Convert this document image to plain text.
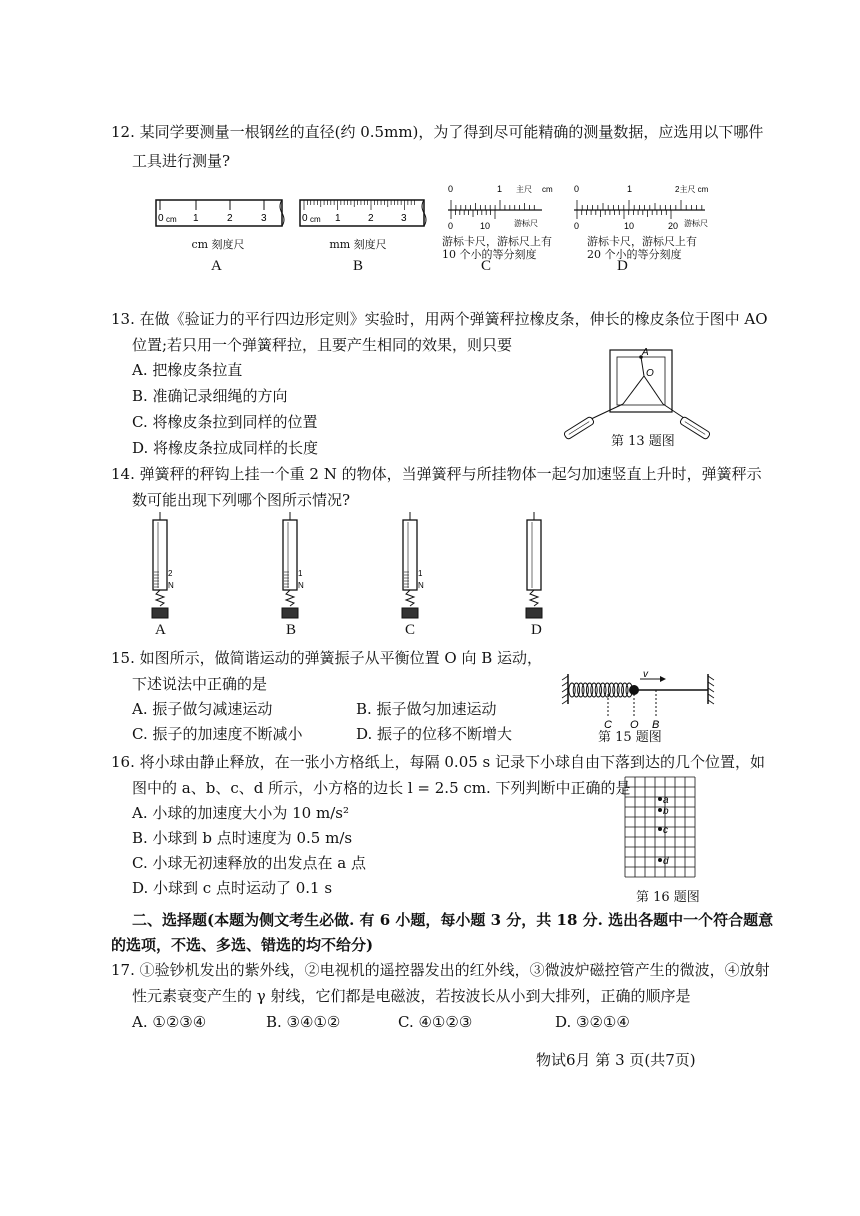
12. 某同学要测量一根钢丝的直径(约 0.5mm)，为了得到尽可能精确的测量数据，应选用以下哪件
工具进行测量?
0 cm 1	2	3	0 cm 1	2	3
0	1 主尺 cm
0	10	游标尺
0	1	2主尺 cm
0	10	20 游标尺
cm 刻度尺	mm 刻度尺	游标卡尺，游标尺上有
10 个小的等分刻度
游标卡尺，游标尺上有
20 个小的等分刻度
A	B	C	D
13. 在做《验证力的平行四边形定则》实验时，用两个弹簧秤拉橡皮条，伸长的橡皮条位于图中 AO
位置;若只用一个弹簧秤拉，且要产生相同的效果，则只要
A. 把橡皮条拉直
B. 准确记录细绳的方向
C. 将橡皮条拉到同样的位置
D. 将橡皮条拉成同样的长度
A
O
第 13 题图
14. 弹簧秤的秤钩上挂一个重 2 N 的物体，当弹簧秤与所挂物体一起匀加速竖直上升时，弹簧秤示
数可能出现下列哪个图所示情况?
2
N
1
N
1
N
A	B	C	D
15. 如图所示，做简谐运动的弹簧振子从平衡位置 O 向 B 运动，
下述说法中正确的是
A. 振子做匀减速运动	B. 振子做匀加速运动
C. 振子的加速度不断减小	D. 振子的位移不断增大
v
C O B
第 15 题图
16. 将小球由静止释放，在一张小方格纸上，每隔 0.05 s 记录下小球自由下落到达的几个位置，如
图中的 a、b、c、d 所示，小方格的边长 l = 2.5 cm. 下列判断中正确的是
A. 小球的加速度大小为 10 m/s²
B. 小球到 b 点时速度为 0.5 m/s
C. 小球无初速释放的出发点在 a 点
D. 小球到 c 点时运动了 0.1 s
a
b
c
d
第 16 题图
二、选择题(本题为侧文考生必做. 有 6 小题，每小题 3 分，共 18 分. 选出各题中一个符合题意
的选项，不选、多选、错选的均不给分)
17. ①验钞机发出的紫外线，②电视机的遥控器发出的红外线，③微波炉磁控管产生的微波，④放射
性元素衰变产生的 γ 射线，它们都是电磁波，若按波长从小到大排列，正确的顺序是
A. ①②③④	B. ③④①②	C. ④①②③	D. ③②①④
物试6月 第 3 页(共7页)
